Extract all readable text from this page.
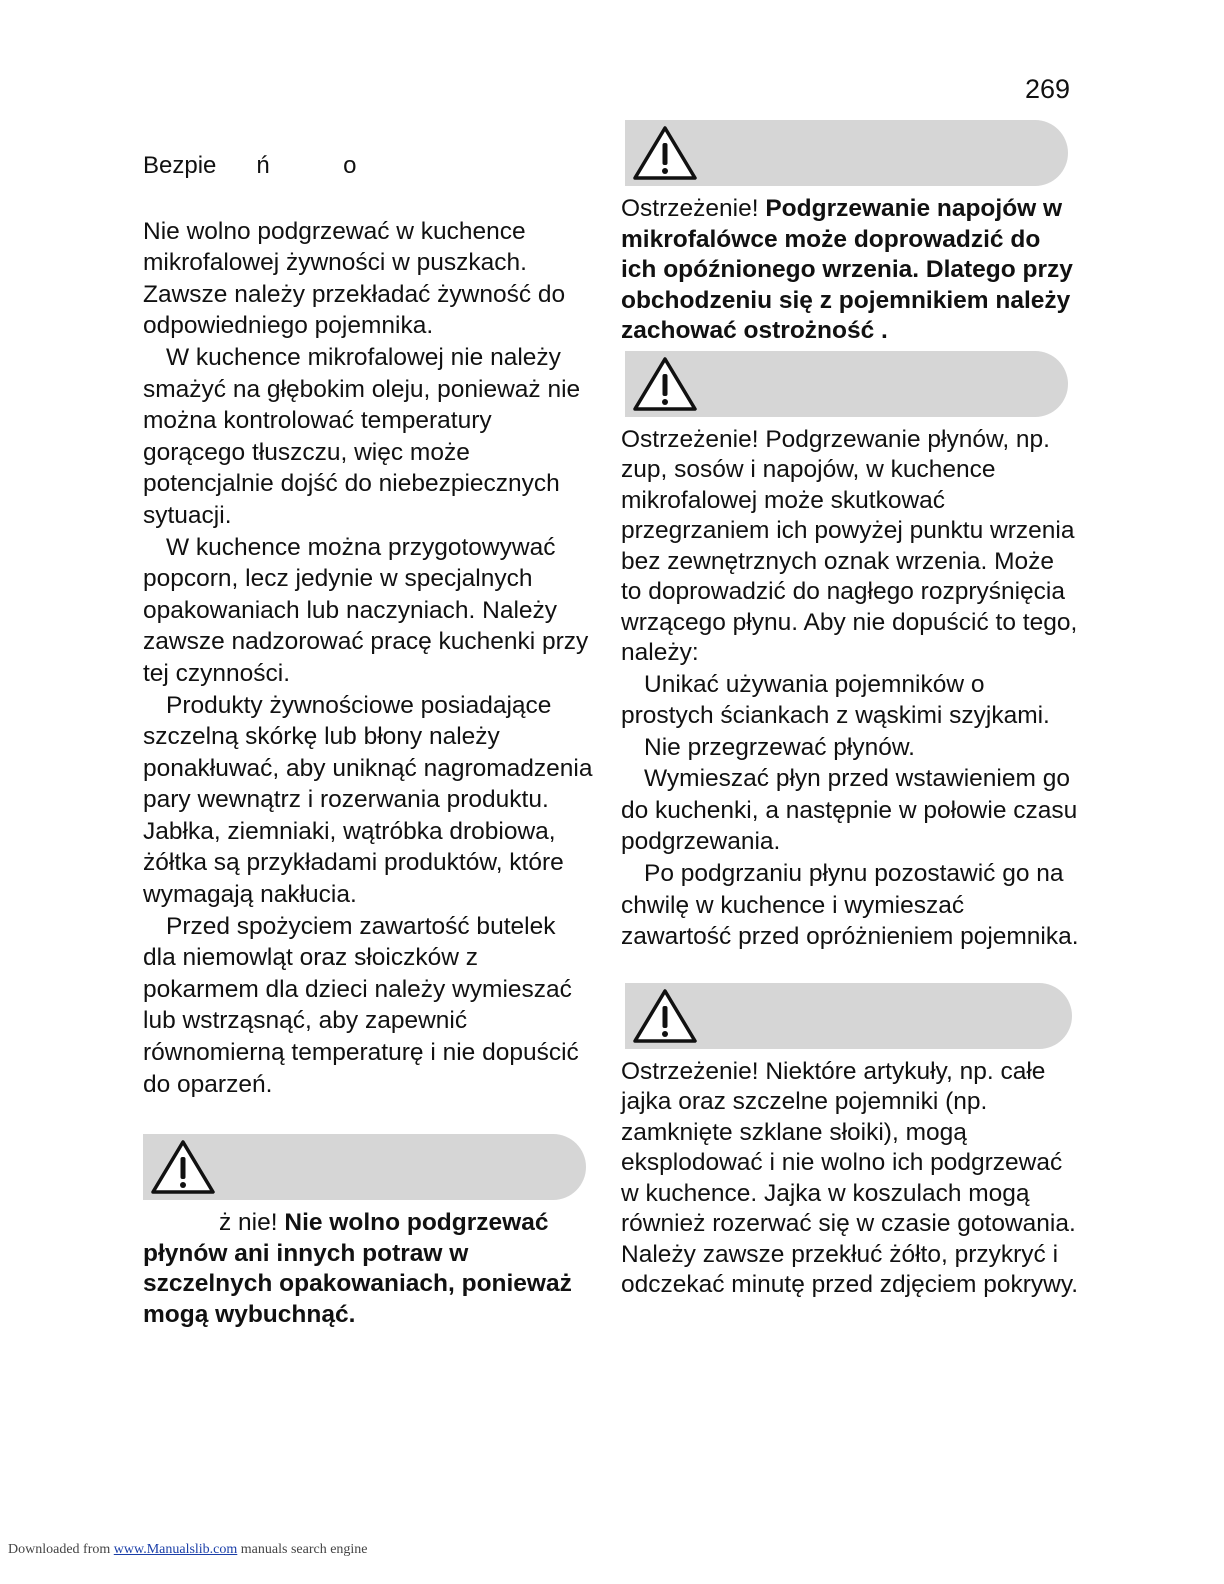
269
Bezpie      ń           o

Nie wolno podgrzewać w kuchence mikrofalowej żywności w puszkach. Zawsze należy przekładać żywność do odpowiedniego pojemnika.

W kuchence mikrofalowej nie należy smażyć na głębokim oleju, ponieważ nie można kontrolować temperatury gorącego tłuszczu, więc może potencjalnie dojść do niebezpiecznych sytuacji.

W kuchence można przygotowywać popcorn, lecz jedynie w specjalnych opakowaniach lub naczyniach. Należy zawsze nadzorować pracę kuchenki przy tej czynności.

Produkty żywnościowe posiadające szczelną skórkę lub błony należy ponakłuwać, aby uniknąć nagromadzenia pary wewnątrz i rozerwania produktu. Jabłka, ziemniaki, wątróbka drobiowa, żółtka są przykładami produktów, które wymagają nakłucia.

Przed spożyciem zawartość butelek dla niemowląt oraz słoiczków z pokarmem dla dzieci należy wymieszać lub wstrząsnąć, aby zapewnić równomierną temperaturę i nie dopuścić do oparzeń.

ż nie! Nie wolno podgrzewać płynów ani innych potraw w szczelnych opakowaniach, ponieważ mogą wybuchnąć.
Ostrzeżenie! Podgrzewanie napojów w mikrofalówce może doprowadzić do ich opóźnionego wrzenia. Dlatego przy obchodzeniu się z pojemnikiem należy zachować ostrożność .
Ostrzeżenie! Podgrzewanie płynów, np. zup, sosów i napojów, w kuchence mikrofalowej może skutkować przegrzaniem ich powyżej punktu wrzenia bez zewnętrznych oznak wrzenia. Może to doprowadzić do nagłego rozpryśnięcia wrzącego płynu. Aby nie dopuścić to tego, należy:

Unikać używania pojemników o prostych ściankach z wąskimi szyjkami.

Nie przegrzewać płynów.

Wymieszać płyn przed wstawieniem go do kuchenki, a następnie w połowie czasu podgrzewania.

Po podgrzaniu płynu pozostawić go na chwilę w kuchence i wymieszać zawartość przed opróżnieniem pojemnika.

Ostrzeżenie! Niektóre artykuły, np. całe jajka oraz szczelne pojemniki (np. zamknięte szklane słoiki), mogą eksplodować i nie wolno ich podgrzewać w kuchence. Jajka w koszulach mogą również rozerwać się w czasie gotowania. Należy zawsze przekłuć żółto, przykryć i odczekać minutę przed zdjęciem pokrywy.
Downloaded from www.Manualslib.com manuals search engine
